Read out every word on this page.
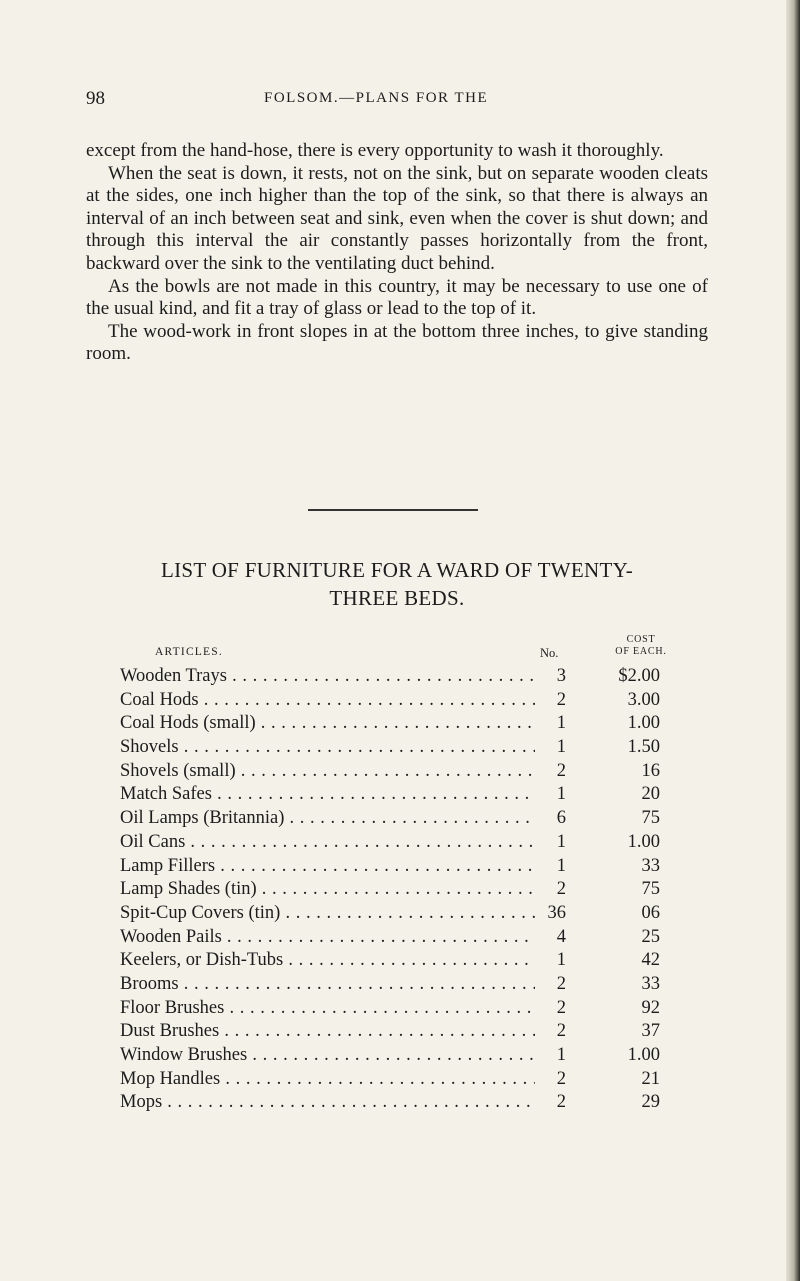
98	FOLSOM.—PLANS FOR THE

except from the hand-hose, there is every opportunity to wash it thoroughly.

When the seat is down, it rests, not on the sink, but on separate wooden cleats at the sides, one inch higher than the top of the sink, so that there is always an interval of an inch between seat and sink, even when the cover is shut down; and through this interval the air constantly passes horizontally from the front, backward over the sink to the ventilating duct behind.

As the bowls are not made in this country, it may be necessary to use one of the usual kind, and fit a tray of glass or lead to the top of it.

The wood-work in front slopes in at the bottom three inches, to give standing room.

LIST OF FURNITURE FOR A WARD OF TWENTY-
THREE BEDS.
ARTICLES.	No.
COST
OF EACH.
Wooden Trays . . .	3	$2.00
Coal Hods . . .	2	3.00
Coal Hods (small) . . .	1	1.00
Shovels . . .	1	1.50
Shovels (small) . . .	2	16
Match Safes . . .	1	20
Oil Lamps (Britannia) . . .	6	75
Oil Cans . . .	1	1.00
Lamp Fillers . . .	1	33
Lamp Shades (tin) . . .	2	75
Spit-Cup Covers (tin) . . .	36	06
Wooden Pails . . .	4	25
Keelers, or Dish-Tubs . . .	1	42
Brooms . . .	2	33
Floor Brushes . . .	2	92
Dust Brushes . . .	2	37
Window Brushes . . .	1	1.00
Mop Handles . . .	2	21
Mops . . .	2	29
